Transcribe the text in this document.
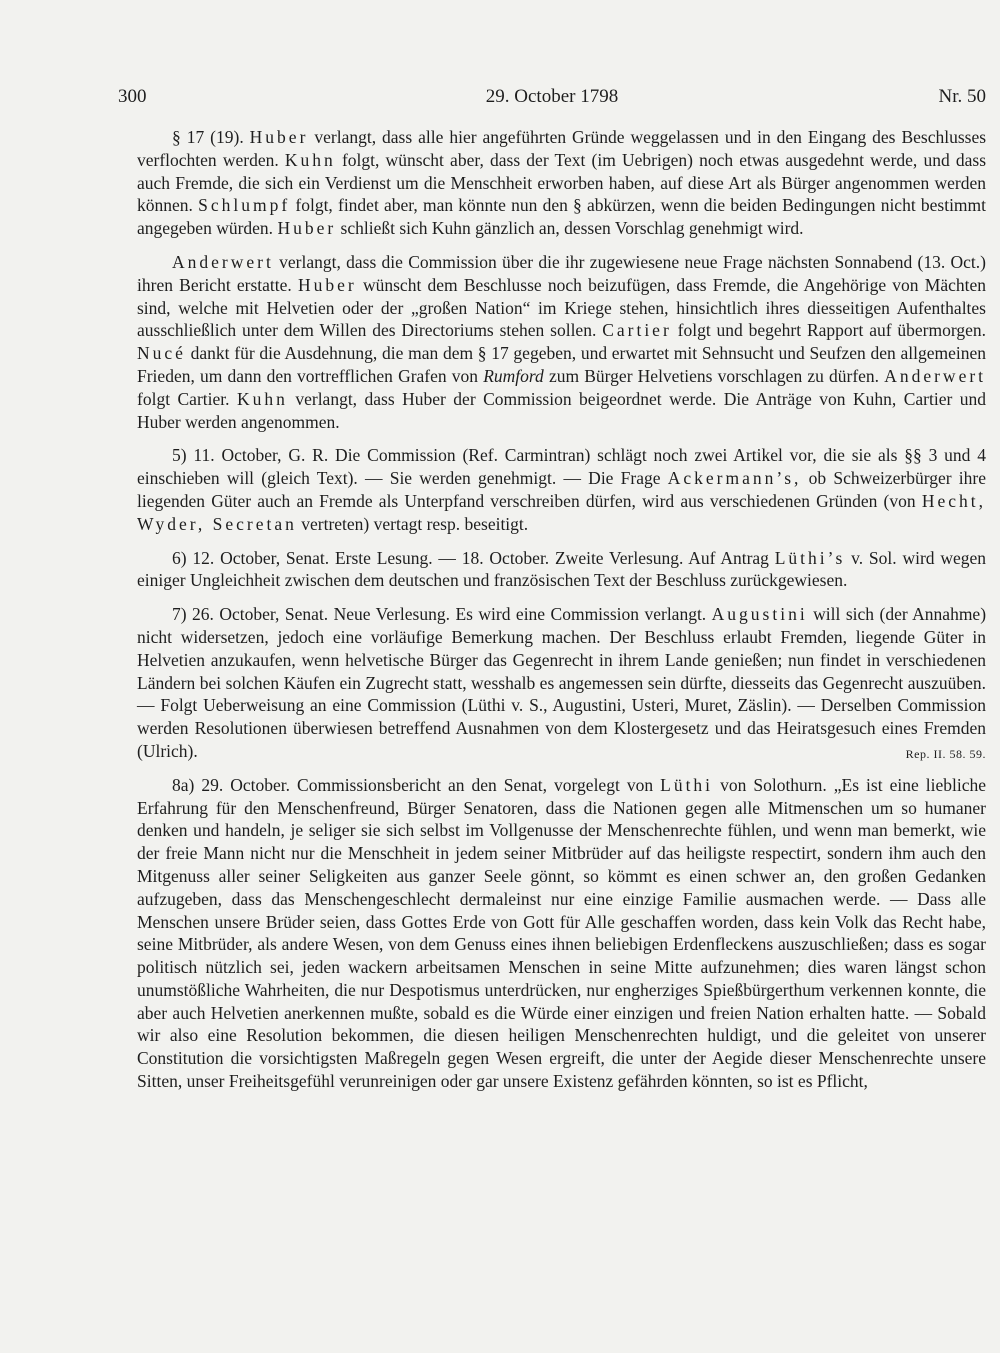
300	29. October 1798	Nr. 50

§ 17 (19). Huber verlangt, dass alle hier angeführten Gründe weggelassen und in den Eingang des Beschlusses verflochten werden. Kuhn folgt, wünscht aber, dass der Text (im Uebrigen) noch etwas ausgedehnt werde, und dass auch Fremde, die sich ein Verdienst um die Menschheit erworben haben, auf diese Art als Bürger angenommen werden können. Schlumpf folgt, findet aber, man könnte nun den § abkürzen, wenn die beiden Bedingungen nicht bestimmt angegeben würden. Huber schließt sich Kuhn gänzlich an, dessen Vorschlag genehmigt wird.

Anderwert verlangt, dass die Commission über die ihr zugewiesene neue Frage nächsten Sonnabend (13. Oct.) ihren Bericht erstatte. Huber wünscht dem Beschlusse noch beizufügen, dass Fremde, die Angehörige von Mächten sind, welche mit Helvetien oder der „großen Nation“ im Kriege stehen, hinsichtlich ihres diesseitigen Aufenthaltes ausschließlich unter dem Willen des Directoriums stehen sollen. Cartier folgt und begehrt Rapport auf übermorgen. Nucé dankt für die Ausdehnung, die man dem § 17 gegeben, und erwartet mit Sehnsucht und Seufzen den allgemeinen Frieden, um dann den vortrefflichen Grafen von Rumford zum Bürger Helvetiens vorschlagen zu dürfen. Anderwert folgt Cartier. Kuhn verlangt, dass Huber der Commission beigeordnet werde. Die Anträge von Kuhn, Cartier und Huber werden angenommen.

5) 11. October, G. R. Die Commission (Ref. Carmintran) schlägt noch zwei Artikel vor, die sie als §§ 3 und 4 einschieben will (gleich Text). — Sie werden genehmigt. — Die Frage Ackermann’s, ob Schweizerbürger ihre liegenden Güter auch an Fremde als Unterpfand verschreiben dürfen, wird aus verschiedenen Gründen (von Hecht, Wyder, Secretan vertreten) vertagt resp. beseitigt.

6) 12. October, Senat. Erste Lesung. — 18. October. Zweite Verlesung. Auf Antrag Lüthi’s v. Sol. wird wegen einiger Ungleichheit zwischen dem deutschen und französischen Text der Beschluss zurückgewiesen.

7) 26. October, Senat. Neue Verlesung. Es wird eine Commission verlangt. Augustini will sich (der Annahme) nicht widersetzen, jedoch eine vorläufige Bemerkung machen. Der Beschluss erlaubt Fremden, liegende Güter in Helvetien anzukaufen, wenn helvetische Bürger das Gegenrecht in ihrem Lande genießen; nun findet in verschiedenen Ländern bei solchen Käufen ein Zugrecht statt, wesshalb es angemessen sein dürfte, diesseits das Gegenrecht auszuüben. — Folgt Ueberweisung an eine Commission (Lüthi v. S., Augustini, Usteri, Muret, Zäslin). — Derselben Commission werden Resolutionen überwiesen betreffend Ausnahmen von dem Klostergesetz und das Heiratsgesuch eines Fremden (Ulrich).	Rep. II. 58. 59.

8a) 29. October. Commissionsbericht an den Senat, vorgelegt von Lüthi von Solothurn. „Es ist eine liebliche Erfahrung für den Menschenfreund, Bürger Senatoren, dass die Nationen gegen alle Mitmenschen um so humaner denken und handeln, je seliger sie sich selbst im Vollgenusse der Menschenrechte fühlen, und wenn man bemerkt, wie der freie Mann nicht nur die Menschheit in jedem seiner Mitbrüder auf das heiligste respectirt, sondern ihm auch den Mitgenuss aller seiner Seligkeiten aus ganzer Seele gönnt, so kömmt es einen schwer an, den großen Gedanken aufzugeben, dass das Menschengeschlecht dermaleinst nur eine einzige Familie ausmachen werde. — Dass alle Menschen unsere Brüder seien, dass Gottes Erde von Gott für Alle geschaffen worden, dass kein Volk das Recht habe, seine Mitbrüder, als andere Wesen, von dem Genuss eines ihnen beliebigen Erdenfleckens auszuschließen; dass es sogar politisch nützlich sei, jeden wackern arbeitsamen Menschen in seine Mitte aufzunehmen; dies waren längst schon unumstößliche Wahrheiten, die nur Despotismus unterdrücken, nur engherziges Spießbürgerthum verkennen konnte, die aber auch Helvetien anerkennen mußte, sobald es die Würde einer einzigen und freien Nation erhalten hatte. — Sobald wir also eine Resolution bekommen, die diesen heiligen Menschenrechten huldigt, und die geleitet von unserer Constitution die vorsichtigsten Maßregeln gegen Wesen ergreift, die unter der Aegide dieser Menschenrechte unsere Sitten, unser Freiheitsgefühl verunreinigen oder gar unsere Existenz gefährden könnten, so ist es Pflicht,
